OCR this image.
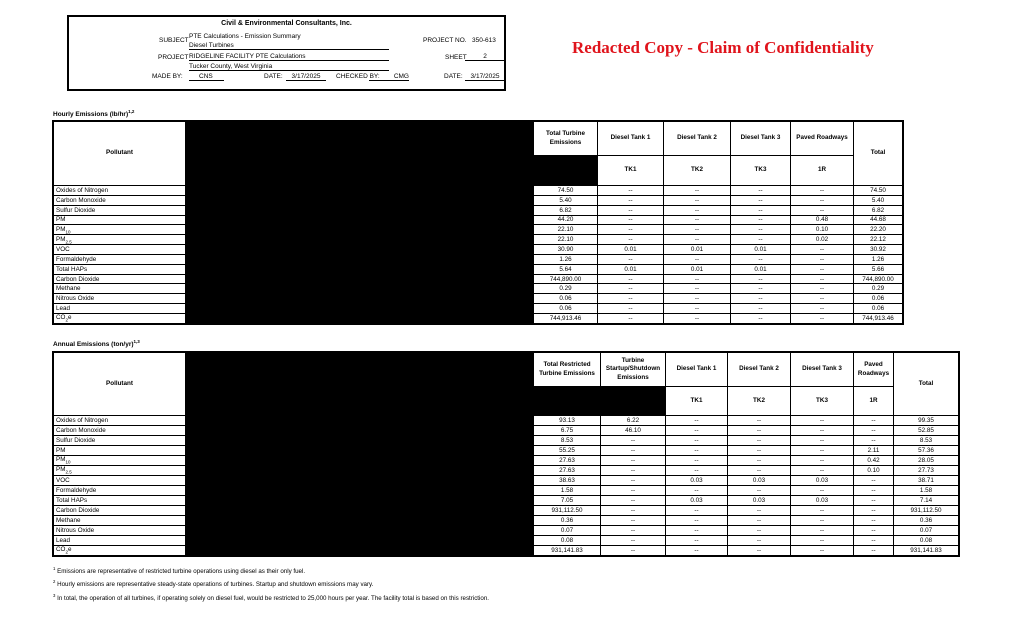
Civil & Environmental Consultants, Inc.
SUBJECT
PTE Calculations - Emission Summary
Diesel Turbines
PROJECT NO. 350-613
PROJECT RIDGELINE FACILITY PTE Calculations
Tucker County, West Virginia
SHEET	2
MADE BY:	CNS	DATE:	3/17/2025	CHECKED BY:	CMG	DATE:	3/17/2025
Redacted Copy - Claim of Confidentiality
Hourly Emissions $(lb/hr)^{1,2}$
Pollutant		Total Turbine Emissions	Diesel Tank 1	Diesel Tank 2	Diesel Tank 3	Paved Roadways	Total
			TK1	TK2	TK3	1R	
Oxides of Nitrogen		74.50	--	--	--	--	74.50
Carbon Monoxide		5.40	--	--	--	--	5.40
Sulfur Dioxide		6.82	--	--	--	--	6.82
PM		44.20	--	--	--	0.48	44.68
$PM_{10}$		22.10	--	--	--	0.10	22.20
$PM_{2.5}$		22.10	--	--	--	0.02	22.12
VOC		30.90	0.01	0.01	0.01	--	30.92
Formaldehyde		1.26	--	--	--	--	1.26
Total HAPs		5.64	0.01	0.01	0.01	--	5.66
Carbon Dioxide		744,890.00	--	--	--	--	744,890.00
Methane		0.29	--	--	--	--	0.29
Nitrous Oxide		0.06	--	--	--	--	0.06
Lead		0.06	--	--	--	--	0.06
$CO_2e$		744,913.46	--	--	--	--	744,913.46
Annual Emissions $(ton/yr)^{1,3}$
Pollutant		Total Restricted Turbine Emissions	Turbine Startup/Shutdown Emissions	Diesel Tank 1	Diesel Tank 2	Diesel Tank 3	Paved Roadways	Total
				TK1	TK2	TK3	1R	
Oxides of Nitrogen		93.13	6.22	--	--	--	--	99.35
Carbon Monoxide		6.75	46.10	--	--	--	--	52.85
Sulfur Dioxide		8.53	--	--	--	--	--	8.53
PM		55.25	--	--	--	--	2.11	57.36
$PM_{10}$		27.63	--	--	--	--	0.42	28.05
$PM_{2.5}$		27.63	--	--	--	--	0.10	27.73
VOC		38.63	--	0.03	0.03	0.03	--	38.71
Formaldehyde		1.58	--	--	--	--	--	1.58
Total HAPs		7.05	--	0.03	0.03	0.03	--	7.14
Carbon Dioxide		931,112.50	--	--	--	--	--	931,112.50
Methane		0.36	--	--	--	--	--	0.36
Nitrous Oxide		0.07	--	--	--	--	--	0.07
Lead		0.08	--	--	--	--	--	0.08
$CO_2e$		931,141.83	--	--	--	--	--	931,141.83
$^1$ Emissions are representative of restricted turbine operations using diesel as their only fuel.
$^2$ Hourly emissions are representative steady-state operations of turbines. Startup and shutdown emissions may vary.
$^3$ In total, the operation of all turbines, if operating solely on diesel fuel, would be restricted to 25,000 hours per year. The facility total is based on this restriction.
